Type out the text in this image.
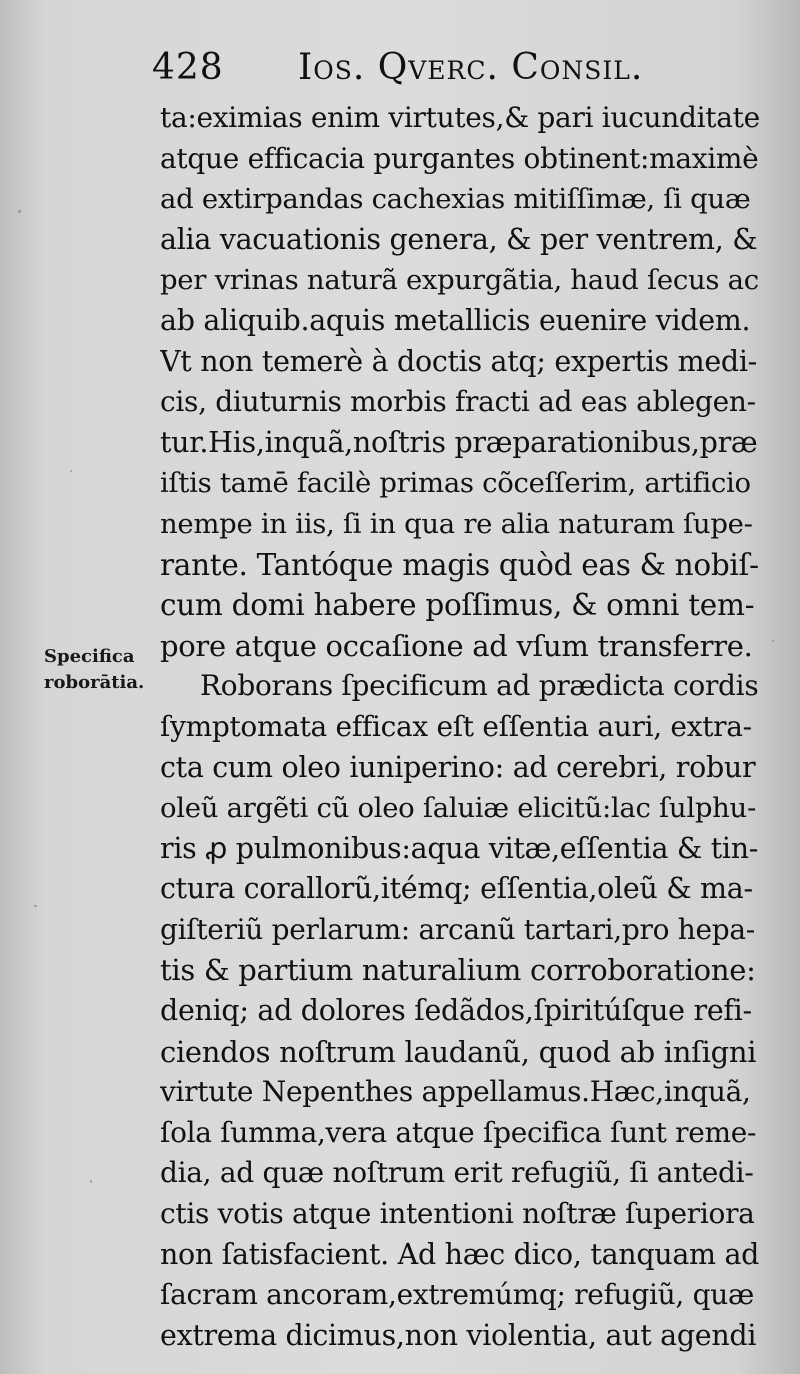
428 Ios. Qverc. Consil.
Specifica
roborātia.
ta:eximias enim virtutes,& pari iucunditate
atque efficacia purgantes obtinent:maximè
ad extirpandas cachexias mitiſſimæ, ſi quæ
alia vacuationis genera, & per ventrem, &
per vrinas naturã expurgãtia, haud ſecus ac
ab aliquib.aquis metallicis euenire videm.
Vt non temerè à doctis atq; expertis medi-
cis, diuturnis morbis fracti ad eas ablegen-
tur.His,inquã,noſtris præparationibus,præ
iſtis tamē facilè primas cõceſſerim, artificio
nempe in iis, ſi in qua re alia naturam ſupe-
rante. Tantóque magis quòd eas & nobiſ-
cum domi habere poſſimus, & omni tem-
pore atque occaſione ad vſum transferre.
Roborans ſpecificum ad prædicta cordis
ſymptomata efficax eſt eſſentia auri, extra-
cta cum oleo iuniperino: ad cerebri, robur
oleũ argẽti cũ oleo ſaluiæ elicitũ:lac ſulphu-
ris ꝓ pulmonibus:aqua vitæ,eſſentia & tin-
ctura corallorũ,itémq; eſſentia,oleũ & ma-
giſteriũ perlarum: arcanũ tartari,pro hepa-
tis & partium naturalium corroboratione:
deniq; ad dolores ſedãdos,ſpiritúſque refi-
ciendos noſtrum laudanũ, quod ab inſigni
virtute Nepenthes appellamus.Hæc,inquã,
ſola ſumma,vera atque ſpecifica ſunt reme-
dia, ad quæ noſtrum erit refugiũ, ſi antedi-
ctis votis atque intentioni noſtræ ſuperiora
non ſatisfacient. Ad hæc dico, tanquam ad
ſacram ancoram,extremúmq; refugiũ, quæ
extrema dicimus,non violentia, aut agendi
